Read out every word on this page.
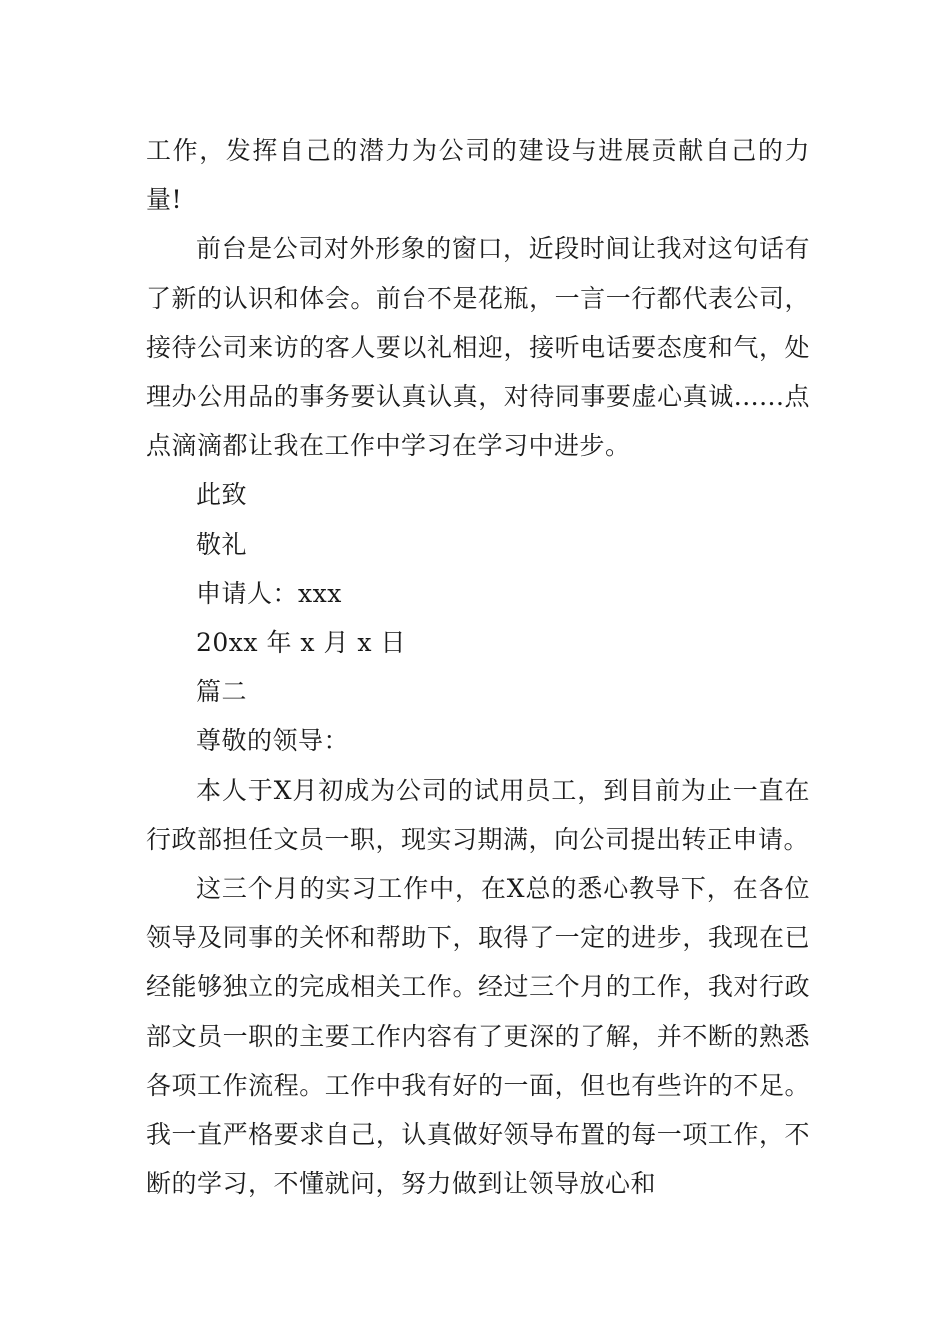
工作，发挥自己的潜力为公司的建设与进展贡献自己的力量!

前台是公司对外形象的窗口，近段时间让我对这句话有了新的认识和体会。前台不是花瓶，一言一行都代表公司，接待公司来访的客人要以礼相迎，接听电话要态度和气，处理办公用品的事务要认真认真，对待同事要虚心真诚......点点滴滴都让我在工作中学习在学习中进步。

此致

敬礼

申请人：xxx

20xx 年 x 月 x 日

篇二

尊敬的领导：

本人于X月初成为公司的试用员工，到目前为止一直在行政部担任文员一职，现实习期满，向公司提出转正申请。

这三个月的实习工作中，在X总的悉心教导下，在各位领导及同事的关怀和帮助下，取得了一定的进步，我现在已经能够独立的完成相关工作。经过三个月的工作，我对行政部文员一职的主要工作内容有了更深的了解，并不断的熟悉各项工作流程。工作中我有好的一面，但也有些许的不足。我一直严格要求自己，认真做好领导布置的每一项工作，不断的学习，不懂就问，努力做到让领导放心和
